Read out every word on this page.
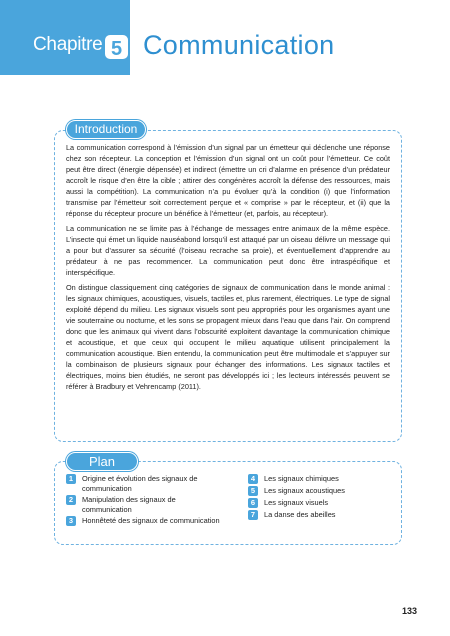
Chapitre 5 Communication
Introduction

La communication correspond à l’émission d’un signal par un émetteur qui déclenche une réponse chez son récepteur. La conception et l’émission d’un signal ont un coût pour l’émetteur. Ce coût peut être direct (énergie dépensée) et indirect (émettre un cri d’alarme en présence d’un prédateur accroît le risque d’en être la cible ; attirer des congénères accroît la défense des ressources, mais aussi la compétition). La communication n’a pu évoluer qu’à la condition (i) que l’information transmise par l’émetteur soit correctement perçue et « comprise » par le récepteur, et (ii) que la réponse du récepteur procure un bénéfice à l’émetteur (et, parfois, au récepteur).

La communication ne se limite pas à l’échange de messages entre animaux de la même espèce. L’insecte qui émet un liquide nauséabond lorsqu’il est attaqué par un oiseau délivre un message qui a pour but d’assurer sa sécurité (l’oiseau recrache sa proie), et éventuellement d’apprendre au prédateur à ne pas recommencer. La communication peut donc être intraspécifique et interspécifique.

On distingue classiquement cinq catégories de signaux de communication dans le monde animal : les signaux chimiques, acoustiques, visuels, tactiles et, plus rarement, électriques. Le type de signal exploité dépend du milieu. Les signaux visuels sont peu appropriés pour les organismes ayant une vie souterraine ou nocturne, et les sons se propagent mieux dans l’eau que dans l’air. On comprend donc que les animaux qui vivent dans l’obscurité exploitent davantage la communication chimique et acoustique, et que ceux qui occupent le milieu aquatique utilisent principalement la communication acoustique. Bien entendu, la communication peut être multimodale et s’appuyer sur la combinaison de plusieurs signaux pour échanger des informations. Les signaux tactiles et électriques, moins bien étudiés, ne seront pas développés ici ; les lecteurs intéressés peuvent se référer à Bradbury et Vehrencamp (2011).

Plan
1	Origine et évolution des signaux de communication
2	Manipulation des signaux de communication
3	Honnêteté des signaux de communication
4	Les signaux chimiques
5	Les signaux acoustiques
6	Les signaux visuels
7	La danse des abeilles
133
